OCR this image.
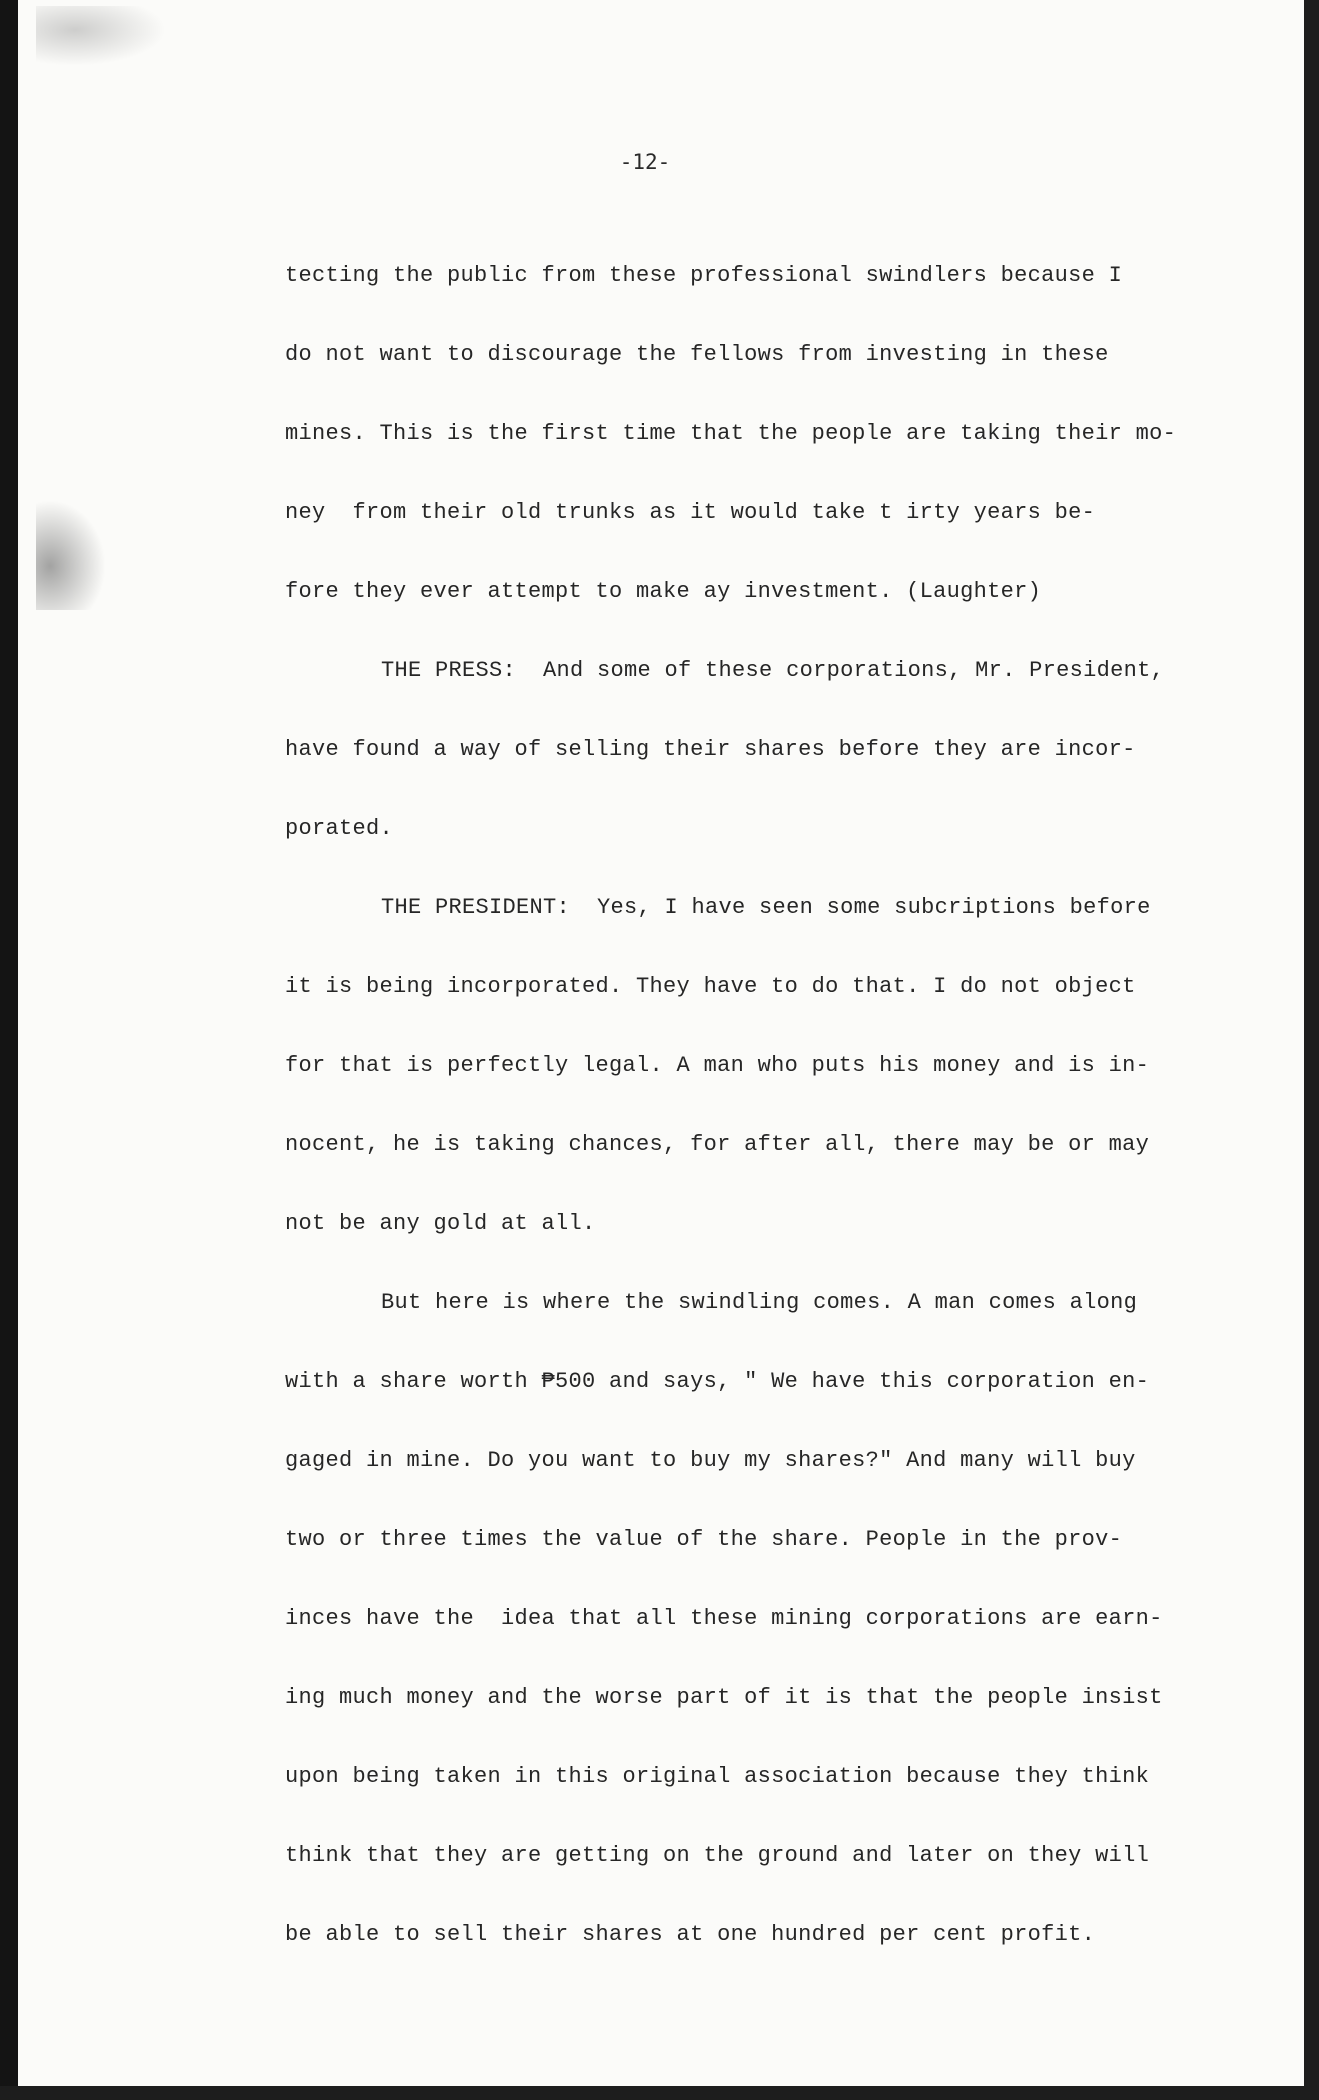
-12-
tecting the public from these professional swindlers because I
do not want to discourage the fellows from investing in these
mines. This is the first time that the people are taking their mo-
ney  from their old trunks as it would take t irty years be-
fore they ever attempt to make ay investment. (Laughter)
THE PRESS:  And some of these corporations, Mr. President,
have found a way of selling their shares before they are incor-
porated.
THE PRESIDENT:  Yes, I have seen some subcriptions before
it is being incorporated. They have to do that. I do not object
for that is perfectly legal. A man who puts his money and is in-
nocent, he is taking chances, for after all, there may be or may
not be any gold at all.
But here is where the swindling comes. A man comes along
with a share worth ₱500 and says, " We have this corporation en-
gaged in mine. Do you want to buy my shares?" And many will buy
two or three times the value of the share. People in the prov-
inces have the  idea that all these mining corporations are earn-
ing much money and the worse part of it is that the people insist
upon being taken in this original association because they think
think that they are getting on the ground and later on they will
be able to sell their shares at one hundred per cent profit.
